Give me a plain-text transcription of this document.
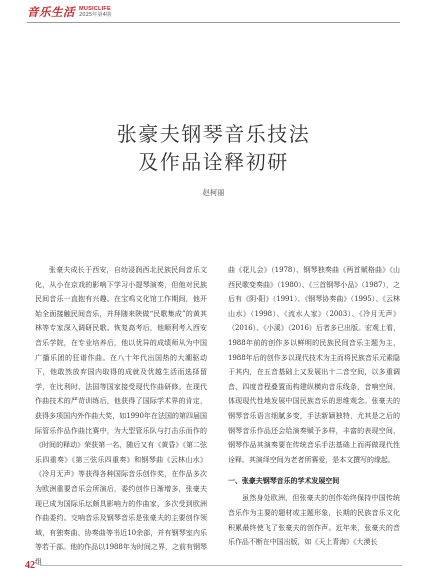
音乐生活 MUSICLIFE
2025年第4期
张豪夫钢琴音乐技法
及作品诠释初研
赵柯丽

张豪夫成长于西安，自幼浸润西北民族民间音乐文化，从小在京戏的影响下学习小提琴演奏，但他对民族民间音乐一直抱有兴趣。在宝鸡文化馆工作期间，他开始全面接触民间音乐，并拜随来陕做“民歌集成”的黄其林等专家深入调研民歌。恢复高考后，他顺利考入西安音乐学院，在专业培养后，他以优异的成绩师从为中国广播乐团的狂谱作曲。在八十年代出国热的大潮驱动下，他敢然放弃国内取得的成就及优越生活而选择留学，在比利时、法国等国家接受现代作曲研修。在现代作曲技术的严苛训练后，他获得了国际学术界的肯定，获得多项国内外作曲大奖，如1990年在法国的第四届国际管乐作品作曲比赛中，为大型管乐队与打击乐而作的《时间的释动》荣获第一名，随后又有《黄昏》《第二弦乐四重奏》《第三弦乐四重奏》和钢琴曲《云林山水》《冷月无声》等获得各种国际音乐创作奖，在作品多次为欧洲重要音乐会所演后，委约创作日渐增多，张豪夫现已成为国际乐坛颇具影响力的作曲家，多次受到欧洲作曲委约。交响音乐及钢琴音乐是张豪夫的主要创作领域，有独奏曲、协奏曲等书近10余部，并有钢琴室内乐等若干部。他的作品以1988年为时间之界，之前有钢琴组

曲《花儿会》（1978）、钢琴独奏曲《两首赋格曲》《山西民歌变奏曲》（1980）、《三首钢琴小品》（1987），之后有《阴·阳》（1991）、《钢琴协奏曲》（1995）、《云林山水》（1998）、《流水人家》（2003）、《冷月无声》（2016）、《小溪》（2016）后者多已出版。宏观上看，1988年前的创作多以鲜明的民族民间音乐主题为主，1988年后的创作多以现代技术为主而将民族音乐元素隐于其内，在五音基础上又发展出十二音空间，以多重调音、四度音程叠置而构建纵横向音乐线条，音响空间，体现现代性地发展中国民族音乐的思维观念。张豪夫的钢琴音乐语言细腻多变，手法新颖独特，尤其是之后的钢琴音乐作品还会给演奏赋予多样，丰富的表现空间，钢琴作品其演奏要在传统音乐手法基础上而再做现代性诠释。其演绎空间为老者所赛爱，是本文撰写的缘起。

一、张豪夫钢琴音乐的学术发展空间

虽然身处欧洲，但张豪夫的创作始终保持中国传统音乐作为主要的题材或主题形象，长期的民族音乐文化积累最终使飞了张豪夫的创作声。近年来，张豪夫的音乐作品不断在中国出版，如《天上青海》《大漠长

42
